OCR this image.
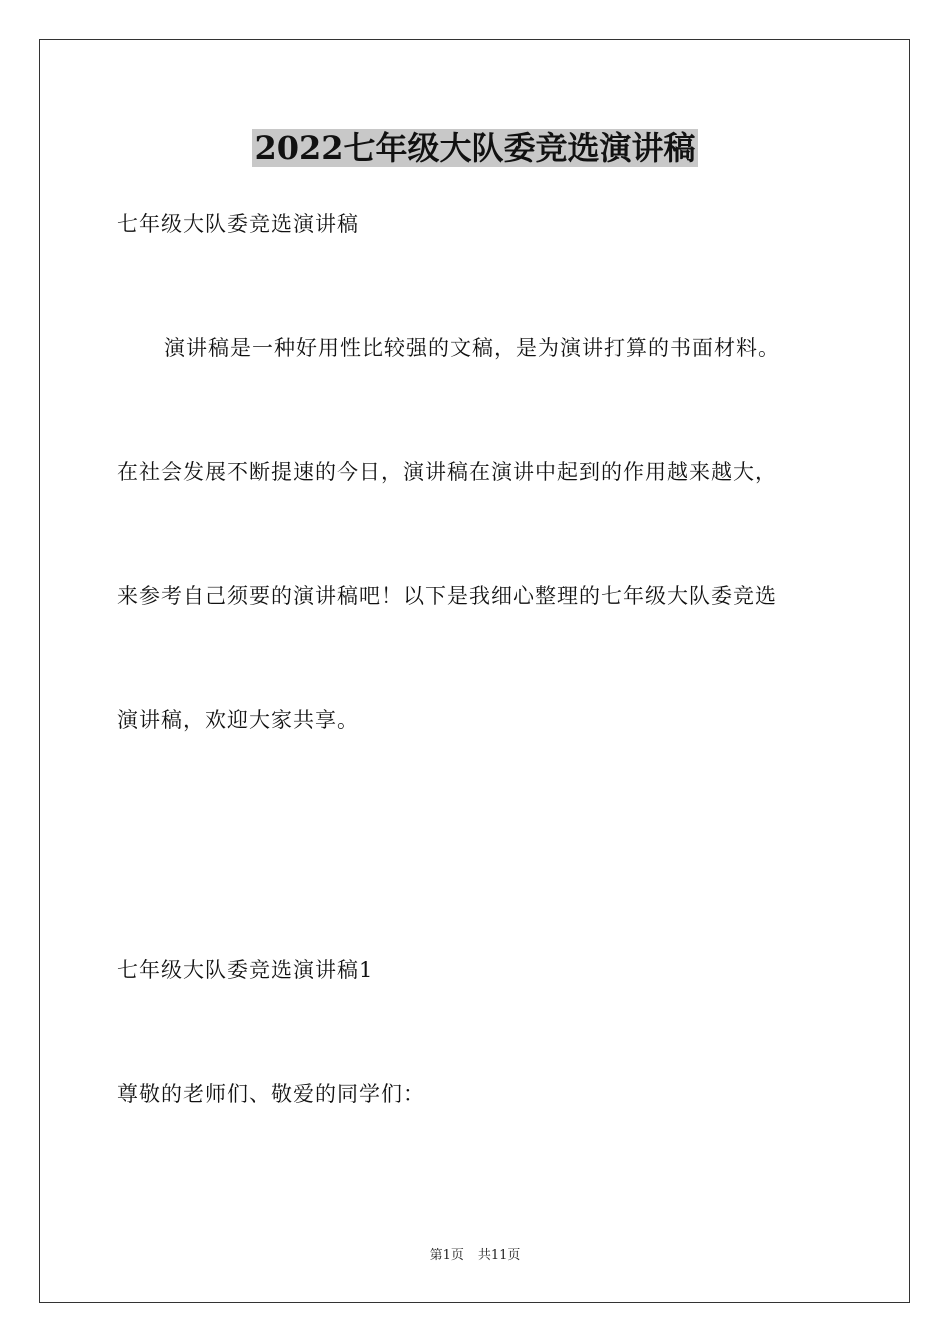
2022七年级大队委竞选演讲稿
七年级大队委竞选演讲稿
演讲稿是一种好用性比较强的文稿，是为演讲打算的书面材料。
在社会发展不断提速的今日，演讲稿在演讲中起到的作用越来越大，
来参考自己须要的演讲稿吧！以下是我细心整理的七年级大队委竞选
演讲稿，欢迎大家共享。
七年级大队委竞选演讲稿1
尊敬的老师们、敬爱的同学们：
第1页 共11页
